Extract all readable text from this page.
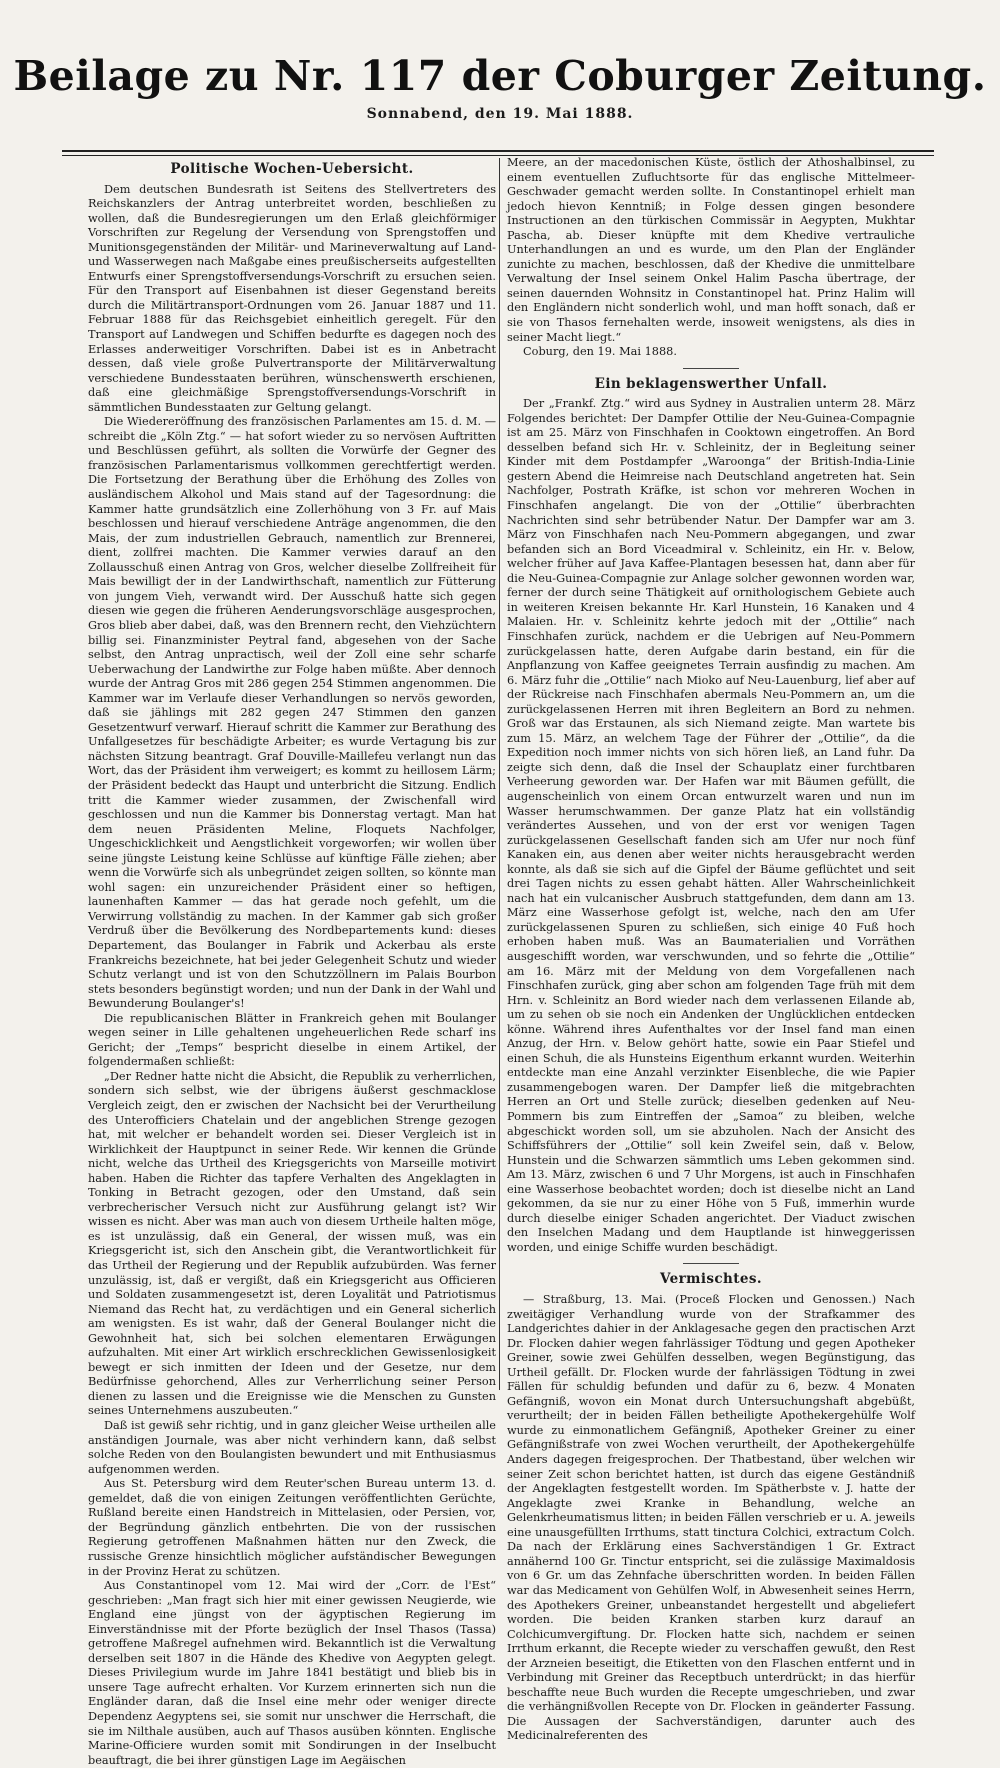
Beilage zu Nr. 117 der Coburger Zeitung.
Sonnabend, den 19. Mai 1888.
Politische Wochen-Uebersicht.

Dem deutschen Bundesrath ist Seitens des Stellvertreters des Reichskanzlers der Antrag unterbreitet worden, beschließen zu wollen, daß die Bundesregierungen um den Erlaß gleichförmiger Vorschriften zur Regelung der Versendung von Sprengstoffen und Munitionsgegenständen der Militär- und Marineverwaltung auf Land- und Wasserwegen nach Maßgabe eines preußischerseits aufgestellten Entwurfs einer Sprengstoffversendungs-Vorschrift zu ersuchen seien. Für den Transport auf Eisenbahnen ist dieser Gegenstand bereits durch die Militärtransport-Ordnungen vom 26. Januar 1887 und 11. Februar 1888 für das Reichsgebiet einheitlich geregelt. Für den Transport auf Landwegen und Schiffen bedurfte es dagegen noch des Erlasses anderweitiger Vorschriften. Dabei ist es in Anbetracht dessen, daß viele große Pulvertransporte der Militärverwaltung verschiedene Bundesstaaten berühren, wünschenswerth erschienen, daß eine gleichmäßige Sprengstoffversendungs-Vorschrift in sämmtlichen Bundesstaaten zur Geltung gelangt.

Die Wiedereröffnung des französischen Parlamentes am 15. d. M. — schreibt die „Köln Ztg.“ — hat sofort wieder zu so nervösen Auftritten und Beschlüssen geführt, als sollten die Vorwürfe der Gegner des französischen Parlamentarismus vollkommen gerechtfertigt werden. Die Fortsetzung der Berathung über die Erhöhung des Zolles von ausländischem Alkohol und Mais stand auf der Tagesordnung: die Kammer hatte grundsätzlich eine Zollerhöhung von 3 Fr. auf Mais beschlossen und hierauf verschiedene Anträge angenommen, die den Mais, der zum industriellen Gebrauch, namentlich zur Brennerei, dient, zollfrei machten. Die Kammer verwies darauf an den Zollausschuß einen Antrag von Gros, welcher dieselbe Zollfreiheit für Mais bewilligt der in der Landwirthschaft, namentlich zur Fütterung von jungem Vieh, verwandt wird. Der Ausschuß hatte sich gegen diesen wie gegen die früheren Aenderungsvorschläge ausgesprochen, Gros blieb aber dabei, daß, was den Brennern recht, den Viehzüchtern billig sei. Finanzminister Peytral fand, abgesehen von der Sache selbst, den Antrag unpractisch, weil der Zoll eine sehr scharfe Ueberwachung der Landwirthe zur Folge haben müßte. Aber dennoch wurde der Antrag Gros mit 286 gegen 254 Stimmen angenommen. Die Kammer war im Verlaufe dieser Verhandlungen so nervös geworden, daß sie jählings mit 282 gegen 247 Stimmen den ganzen Gesetzentwurf verwarf. Hierauf schritt die Kammer zur Berathung des Unfallgesetzes für beschädigte Arbeiter; es wurde Vertagung bis zur nächsten Sitzung beantragt. Graf Douville-Maillefeu verlangt nun das Wort, das der Präsident ihm verweigert; es kommt zu heillosem Lärm; der Präsident bedeckt das Haupt und unterbricht die Sitzung. Endlich tritt die Kammer wieder zusammen, der Zwischenfall wird geschlossen und nun die Kammer bis Donnerstag vertagt. Man hat dem neuen Präsidenten Meline, Floquets Nachfolger, Ungeschicklichkeit und Aengstlichkeit vorgeworfen; wir wollen über seine jüngste Leistung keine Schlüsse auf künftige Fälle ziehen; aber wenn die Vorwürfe sich als unbegründet zeigen sollten, so könnte man wohl sagen: ein unzureichender Präsident einer so heftigen, launenhaften Kammer — das hat gerade noch gefehlt, um die Verwirrung vollständig zu machen. In der Kammer gab sich großer Verdruß über die Bevölkerung des Nordbepartements kund: dieses Departement, das Boulanger in Fabrik und Ackerbau als erste Frankreichs bezeichnete, hat bei jeder Gelegenheit Schutz und wieder Schutz verlangt und ist von den Schutzzöllnern im Palais Bourbon stets besonders begünstigt worden; und nun der Dank in der Wahl und Bewunderung Boulanger's!

Die republicanischen Blätter in Frankreich gehen mit Boulanger wegen seiner in Lille gehaltenen ungeheuerlichen Rede scharf ins Gericht; der „Temps“ bespricht dieselbe in einem Artikel, der folgendermaßen schließt:

„Der Redner hatte nicht die Absicht, die Republik zu verherrlichen, sondern sich selbst, wie der übrigens äußerst geschmacklose Vergleich zeigt, den er zwischen der Nachsicht bei der Verurtheilung des Unterofficiers Chatelain und der angeblichen Strenge gezogen hat, mit welcher er behandelt worden sei. Dieser Vergleich ist in Wirklichkeit der Hauptpunct in seiner Rede. Wir kennen die Gründe nicht, welche das Urtheil des Kriegsgerichts von Marseille motivirt haben. Haben die Richter das tapfere Verhalten des Angeklagten in Tonking in Betracht gezogen, oder den Umstand, daß sein verbrecherischer Versuch nicht zur Ausführung gelangt ist? Wir wissen es nicht. Aber was man auch von diesem Urtheile halten möge, es ist unzulässig, daß ein General, der wissen muß, was ein Kriegsgericht ist, sich den Anschein gibt, die Verantwortlichkeit für das Urtheil der Regierung und der Republik aufzubürden. Was ferner unzulässig, ist, daß er vergißt, daß ein Kriegsgericht aus Officieren und Soldaten zusammengesetzt ist, deren Loyalität und Patriotismus Niemand das Recht hat, zu verdächtigen und ein General sicherlich am wenigsten. Es ist wahr, daß der General Boulanger nicht die Gewohnheit hat, sich bei solchen elementaren Erwägungen aufzuhalten. Mit einer Art wirklich erschrecklichen Gewissenlosigkeit bewegt er sich inmitten der Ideen und der Gesetze, nur dem Bedürfnisse gehorchend, Alles zur Verherrlichung seiner Person dienen zu lassen und die Ereignisse wie die Menschen zu Gunsten seines Unternehmens auszubeuten.“

Daß ist gewiß sehr richtig, und in ganz gleicher Weise urtheilen alle anständigen Journale, was aber nicht verhindern kann, daß selbst solche Reden von den Boulangisten bewundert und mit Enthusiasmus aufgenommen werden.

Aus St. Petersburg wird dem Reuter'schen Bureau unterm 13. d. gemeldet, daß die von einigen Zeitungen veröffentlichten Gerüchte, Rußland bereite einen Handstreich in Mittelasien, oder Persien, vor, der Begründung gänzlich entbehrten. Die von der russischen Regierung getroffenen Maßnahmen hätten nur den Zweck, die russische Grenze hinsichtlich möglicher aufständischer Bewegungen in der Provinz Herat zu schützen.

Aus Constantinopel vom 12. Mai wird der „Corr. de l'Est“ geschrieben: „Man fragt sich hier mit einer gewissen Neugierde, wie England eine jüngst von der ägyptischen Regierung im Einverständnisse mit der Pforte bezüglich der Insel Thasos (Tassa) getroffene Maßregel aufnehmen wird. Bekanntlich ist die Verwaltung derselben seit 1807 in die Hände des Khedive von Aegypten gelegt. Dieses Privilegium wurde im Jahre 1841 bestätigt und blieb bis in unsere Tage aufrecht erhalten. Vor Kurzem erinnerten sich nun die Engländer daran, daß die Insel eine mehr oder weniger directe Dependenz Aegyptens sei, sie somit nur unschwer die Herrschaft, die sie im Nilthale ausüben, auch auf Thasos ausüben könnten. Englische Marine-Officiere wurden somit mit Sondirungen in der Inselbucht beauftragt, die bei ihrer günstigen Lage im Aegäischen

Meere, an der macedonischen Küste, östlich der Athoshalbinsel, zu einem eventuellen Zufluchtsorte für das englische Mittelmeer-Geschwader gemacht werden sollte. In Constantinopel erhielt man jedoch hievon Kenntniß; in Folge dessen gingen besondere Instructionen an den türkischen Commissär in Aegypten, Mukhtar Pascha, ab. Dieser knüpfte mit dem Khedive vertrauliche Unterhandlungen an und es wurde, um den Plan der Engländer zunichte zu machen, beschlossen, daß der Khedive die unmittelbare Verwaltung der Insel seinem Onkel Halim Pascha übertrage, der seinen dauernden Wohnsitz in Constantinopel hat. Prinz Halim will den Engländern nicht sonderlich wohl, und man hofft sonach, daß er sie von Thasos fernehalten werde, insoweit wenigstens, als dies in seiner Macht liegt.“

Coburg, den 19. Mai 1888.

Ein beklagenswerther Unfall.

Der „Frankf. Ztg.“ wird aus Sydney in Australien unterm 28. März Folgendes berichtet: Der Dampfer Ottilie der Neu-Guinea-Compagnie ist am 25. März von Finschhafen in Cooktown eingetroffen. An Bord desselben befand sich Hr. v. Schleinitz, der in Begleitung seiner Kinder mit dem Postdampfer „Waroonga“ der British-India-Linie gestern Abend die Heimreise nach Deutschland angetreten hat. Sein Nachfolger, Postrath Kräfke, ist schon vor mehreren Wochen in Finschhafen angelangt. Die von der „Ottilie“ überbrachten Nachrichten sind sehr betrübender Natur. Der Dampfer war am 3. März von Finschhafen nach Neu-Pommern abgegangen, und zwar befanden sich an Bord Viceadmiral v. Schleinitz, ein Hr. v. Below, welcher früher auf Java Kaffee-Plantagen besessen hat, dann aber für die Neu-Guinea-Compagnie zur Anlage solcher gewonnen worden war, ferner der durch seine Thätigkeit auf ornithologischem Gebiete auch in weiteren Kreisen bekannte Hr. Karl Hunstein, 16 Kanaken und 4 Malaien. Hr. v. Schleinitz kehrte jedoch mit der „Ottilie“ nach Finschhafen zurück, nachdem er die Uebrigen auf Neu-Pommern zurückgelassen hatte, deren Aufgabe darin bestand, ein für die Anpflanzung von Kaffee geeignetes Terrain ausfindig zu machen. Am 6. März fuhr die „Ottilie“ nach Mioko auf Neu-Lauenburg, lief aber auf der Rückreise nach Finschhafen abermals Neu-Pommern an, um die zurückgelassenen Herren mit ihren Begleitern an Bord zu nehmen. Groß war das Erstaunen, als sich Niemand zeigte. Man wartete bis zum 15. März, an welchem Tage der Führer der „Ottilie“, da die Expedition noch immer nichts von sich hören ließ, an Land fuhr. Da zeigte sich denn, daß die Insel der Schauplatz einer furchtbaren Verheerung geworden war. Der Hafen war mit Bäumen gefüllt, die augenscheinlich von einem Orcan entwurzelt waren und nun im Wasser herumschwammen. Der ganze Platz hat ein vollständig verändertes Aussehen, und von der erst vor wenigen Tagen zurückgelassenen Gesellschaft fanden sich am Ufer nur noch fünf Kanaken ein, aus denen aber weiter nichts herausgebracht werden konnte, als daß sie sich auf die Gipfel der Bäume geflüchtet und seit drei Tagen nichts zu essen gehabt hätten. Aller Wahrscheinlichkeit nach hat ein vulcanischer Ausbruch stattgefunden, dem dann am 13. März eine Wasserhose gefolgt ist, welche, nach den am Ufer zurückgelassenen Spuren zu schließen, sich einige 40 Fuß hoch erhoben haben muß. Was an Baumaterialien und Vorräthen ausgeschifft worden, war verschwunden, und so fehrte die „Ottilie“ am 16. März mit der Meldung von dem Vorgefallenen nach Finschhafen zurück, ging aber schon am folgenden Tage früh mit dem Hrn. v. Schleinitz an Bord wieder nach dem verlassenen Eilande ab, um zu sehen ob sie noch ein Andenken der Unglücklichen entdecken könne. Während ihres Aufenthaltes vor der Insel fand man einen Anzug, der Hrn. v. Below gehört hatte, sowie ein Paar Stiefel und einen Schuh, die als Hunsteins Eigenthum erkannt wurden. Weiterhin entdeckte man eine Anzahl verzinkter Eisenbleche, die wie Papier zusammengebogen waren. Der Dampfer ließ die mitgebrachten Herren an Ort und Stelle zurück; dieselben gedenken auf Neu-Pommern bis zum Eintreffen der „Samoa“ zu bleiben, welche abgeschickt worden soll, um sie abzuholen. Nach der Ansicht des Schiffsführers der „Ottilie“ soll kein Zweifel sein, daß v. Below, Hunstein und die Schwarzen sämmtlich ums Leben gekommen sind. Am 13. März, zwischen 6 und 7 Uhr Morgens, ist auch in Finschhafen eine Wasserhose beobachtet worden; doch ist dieselbe nicht an Land gekommen, da sie nur zu einer Höhe von 5 Fuß, immerhin wurde durch dieselbe einiger Schaden angerichtet. Der Viaduct zwischen den Inselchen Madang und dem Hauptlande ist hinweggerissen worden, und einige Schiffe wurden beschädigt.

Vermischtes.

— Straßburg, 13. Mai. (Proceß Flocken und Genossen.) Nach zweitägiger Verhandlung wurde von der Strafkammer des Landgerichtes dahier in der Anklagesache gegen den practischen Arzt Dr. Flocken dahier wegen fahrlässiger Tödtung und gegen Apotheker Greiner, sowie zwei Gehülfen desselben, wegen Begünstigung, das Urtheil gefällt. Dr. Flocken wurde der fahrlässigen Tödtung in zwei Fällen für schuldig befunden und dafür zu 6, bezw. 4 Monaten Gefängniß, wovon ein Monat durch Untersuchungshaft abgebüßt, verurtheilt; der in beiden Fällen betheiligte Apothekergehülfe Wolf wurde zu einmonatlichem Gefängniß, Apotheker Greiner zu einer Gefängnißstrafe von zwei Wochen verurtheilt, der Apothekergehülfe Anders dagegen freigesprochen. Der Thatbestand, über welchen wir seiner Zeit schon berichtet hatten, ist durch das eigene Geständniß der Angeklagten festgestellt worden. Im Spätherbste v. J. hatte der Angeklagte zwei Kranke in Behandlung, welche an Gelenkrheumatismus litten; in beiden Fällen verschrieb er u. A. jeweils eine unausgefüllten Irrthums, statt tinctura Colchici, extractum Colch. Da nach der Erklärung eines Sachverständigen 1 Gr. Extract annähernd 100 Gr. Tinctur entspricht, sei die zulässige Maximaldosis von 6 Gr. um das Zehnfache überschritten worden. In beiden Fällen war das Medicament von Gehülfen Wolf, in Abwesenheit seines Herrn, des Apothekers Greiner, unbeanstandet hergestellt und abgeliefert worden. Die beiden Kranken starben kurz darauf an Colchicumvergiftung. Dr. Flocken hatte sich, nachdem er seinen Irrthum erkannt, die Recepte wieder zu verschaffen gewußt, den Rest der Arzneien beseitigt, die Etiketten von den Flaschen entfernt und in Verbindung mit Greiner das Receptbuch unterdrückt; in das hierfür beschaffte neue Buch wurden die Recepte umgeschrieben, und zwar die verhängnißvollen Recepte von Dr. Flocken in geänderter Fassung. Die Aussagen der Sachverständigen, darunter auch des Medicinalreferenten des
